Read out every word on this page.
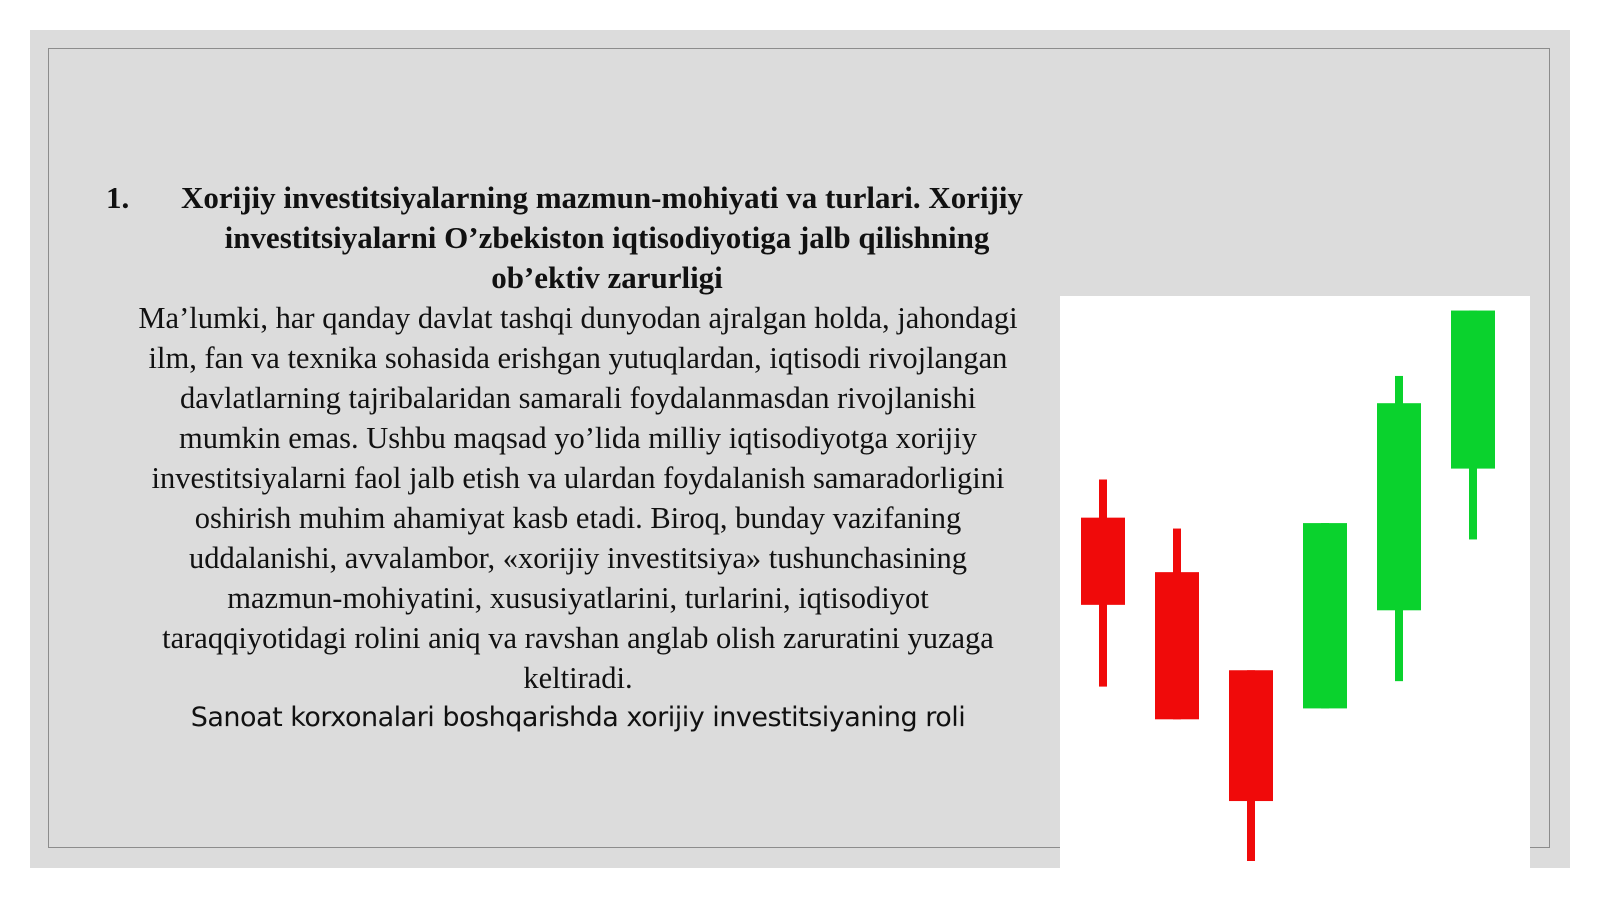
1.	Xorijiy investitsiyalarning mazmun-mohiyati va turlari. Xorijiy
investitsiyalarni O’zbekiston iqtisodiyotiga jalb qilishning
ob’ektiv zarurligi

Ma’lumki, har qanday davlat tashqi dunyodan ajralgan holda, jahondagi
ilm, fan va texnika sohasida erishgan yutuqlardan, iqtisodi rivojlangan
davlatlarning tajribalaridan samarali foydalanmasdan rivojlanishi
mumkin emas. Ushbu maqsad yo’lida milliy iqtisodiyotga xorijiy
investitsiyalarni faol jalb etish va ulardan foydalanish samaradorligini
oshirish muhim ahamiyat kasb etadi. Biroq, bunday vazifaning
uddalanishi, avvalambor, «xorijiy investitsiya» tushunchasining
mazmun-mohiyatini, xususiyatlarini, turlarini, iqtisodiyot
taraqqiyotidagi rolini aniq va ravshan anglab olish zaruratini yuzaga
keltiradi.

Sanoat korxonalari boshqarishda xorijiy investitsiyaning roli
